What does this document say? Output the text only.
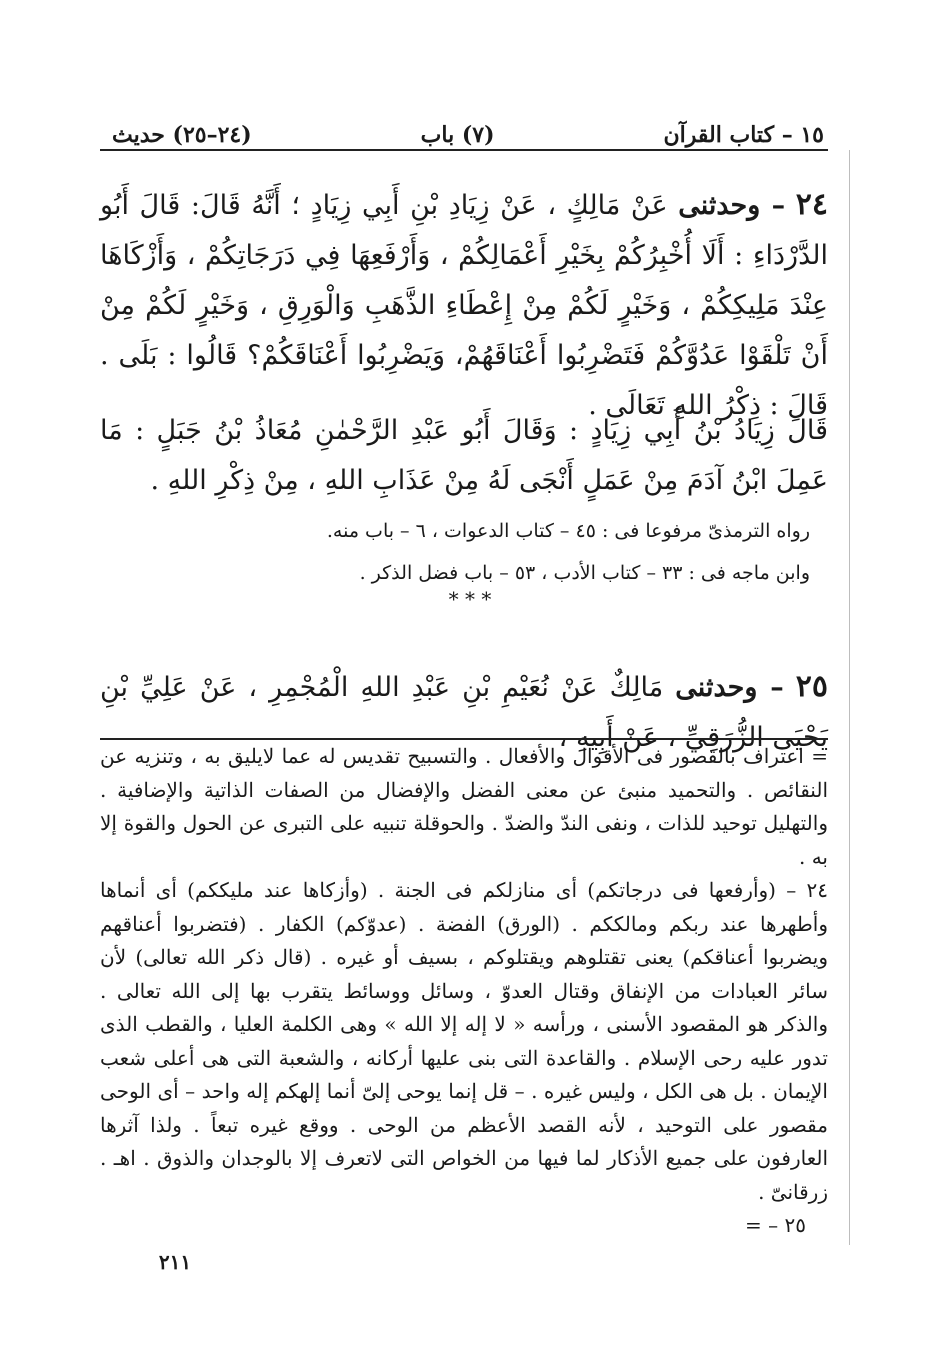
١٥ – كتاب القرآن
(٧) باب
(٢٤–٢٥) حديث
٢٤ – وحدثنى عَنْ مَالِكٍ ، عَنْ زِيَادِ بْنِ أَبِي زِيَادٍ ؛ أَنَّهُ قَالَ: قَالَ أَبُو الدَّرْدَاءِ : أَلَا أُخْبِرُكُمْ بِخَيْرِ أَعْمَالِكُمْ ، وَأَرْفَعِهَا فِي دَرَجَاتِكُمْ ، وَأَزْكَاهَا عِنْدَ مَلِيكِكُمْ ، وَخَيْرٍ لَكُمْ مِنْ إِعْطَاءِ الذَّهَبِ وَالْوَرِقِ ، وَخَيْرٍ لَكُمْ مِنْ أَنْ تَلْقَوْا عَدُوَّكُمْ فَتَضْرِبُوا أَعْنَاقَهُمْ، وَيَضْرِبُوا أَعْنَاقَكُمْ؟ قَالُوا : بَلَى . قَالَ : ذِكْرُ اللهِ تَعَالَى .
قَالَ زِيَادُ بْنُ أَبِي زِيَادٍ : وَقَالَ أَبُو عَبْدِ الرَّحْمٰنِ مُعَاذُ بْنُ جَبَلٍ : مَا عَمِلَ ابْنُ آدَمَ مِنْ عَمَلٍ أَنْجَى لَهُ مِنْ عَذَابِ اللهِ ، مِنْ ذِكْرِ اللهِ .
رواه الترمذىّ مرفوعا فى : ٤٥ – كتاب الدعوات ، ٦ – باب منه.
وابن ماجه فى : ٣٣ – كتاب الأدب ، ٥٣ – باب فضل الذكر .
* * *
٢٥ – وحدثنى مَالِكٌ عَنْ نُعَيْمِ بْنِ عَبْدِ اللهِ الْمُجْمِرِ ، عَنْ عَلِيِّ بْنِ يَحْيَى الزُّرَقِيِّ ، عَنْ أَبِيهِ ،

= اعتراف بالقصور فى الأقوال والأفعال . والتسبيح تقديس له عما لايليق به ، وتنزيه عن النقائص . والتحميد منبئ عن معنى الفضل والإفضال من الصفات الذاتية والإضافية . والتهليل توحيد للذات ، ونفى الندّ والضدّ . والحوقلة تنبيه على التبرى عن الحول والقوة إلا به .

٢٤ – (وأرفعها فى درجاتكم) أى منازلكم فى الجنة . (وأزكاها عند مليككم) أى أنماها وأطهرها عند ربكم ومالككم . (الورق) الفضة . (عدوّكم) الكفار . (فتضربوا أعناقهم ويضربوا أعناقكم) يعنى تقتلوهم ويقتلوكم ، بسيف أو غيره . (قال ذكر الله تعالى) لأن سائر العبادات من الإنفاق وقتال العدوّ ، وسائل ووسائط يتقرب بها إلى الله تعالى . والذكر هو المقصود الأسنى ، ورأسه « لا إله إلا الله » وهى الكلمة العليا ، والقطب الذى تدور عليه رحى الإسلام . والقاعدة التى بنى عليها أركانه ، والشعبة التى هى أعلى شعب الإيمان . بل هى الكل ، وليس غيره . – قل إنما يوحى إلىّ أنما إلهكم إله واحد – أى الوحى مقصور على التوحيد ، لأنه القصد الأعظم من الوحى . ووقع غيره تبعاً . ولذا آثرها العارفون على جميع الأذكار لما فيها من الخواص التى لاتعرف إلا بالوجدان والذوق . اهـ . زرقانىّ .

٢٥ – =

٢١١
